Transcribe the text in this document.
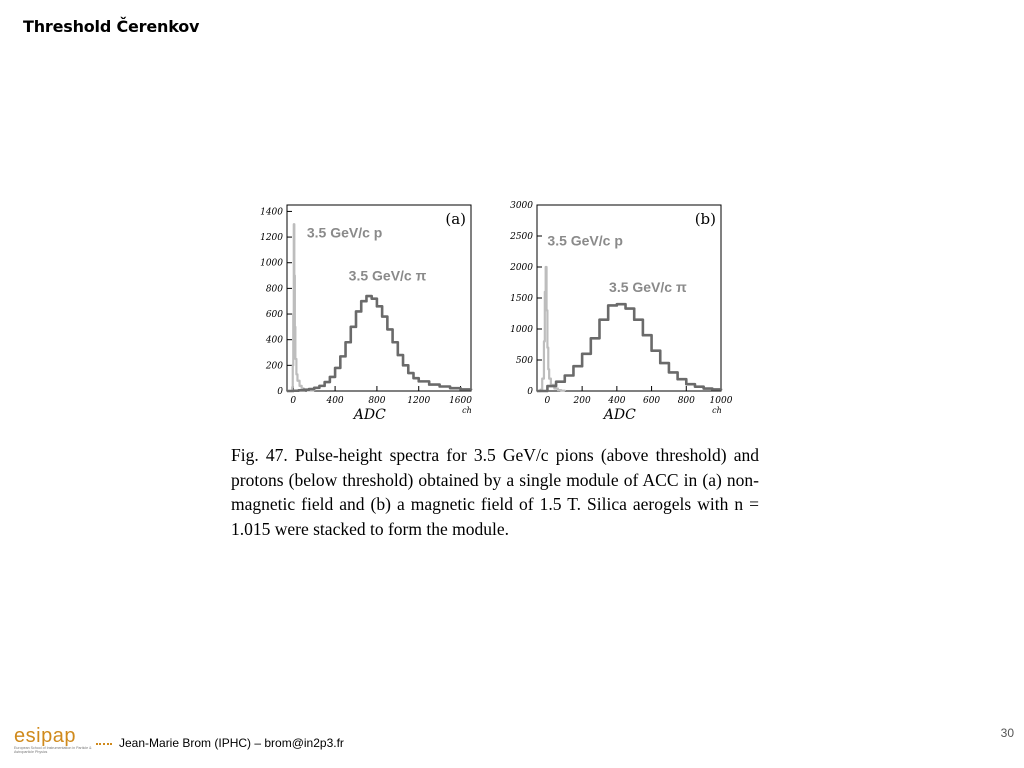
Threshold Čerenkov
0
200
400
600
800
1000
1200
1400
0	400	800 1200 1600
ch
ADC
(a)
3.5 GeV/c p
3.5 GeV/c π
0
500
1000
1500
2000
2500
3000
0	200 400 600 800 1000
ch
ADC
(b)
3.5 GeV/c p
3.5 GeV/c π
Fig. 47. Pulse-height spectra for 3.5 GeV/c pions (above threshold) and protons (below threshold) obtained by a single module of ACC in (a) non-magnetic field and (b) a magnetic field of 1.5 T. Silica aerogels with n = 1.015 were stacked to form the module.
esipap
European School of Instrumentation in Particle & Astroparticle Physics
Jean-Marie Brom (IPHC) – brom@in2p3.fr
30
